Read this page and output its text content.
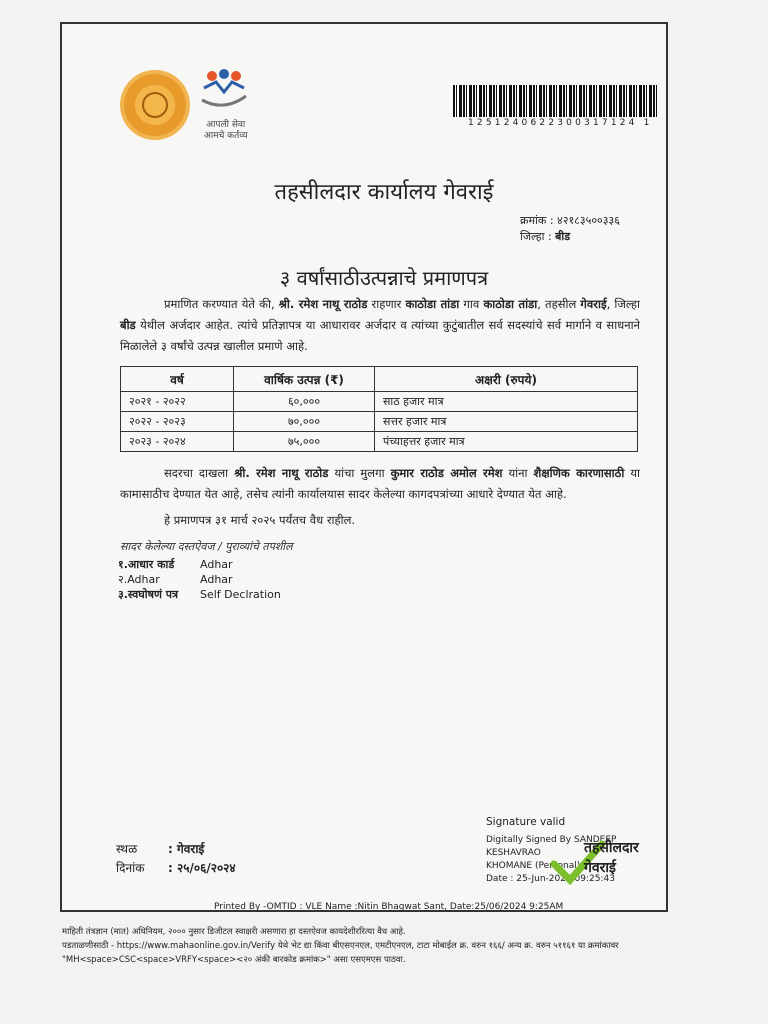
आपली सेवा
आमचे कर्तव्य
1251240622300317124 1
तहसीलदार कार्यालय गेवराई
क्रमांक : ४२१८३५००३३६
जिल्हा : बीड
३ वर्षांसाठीउत्पन्नाचे प्रमाणपत्र
प्रमाणित करण्यात येते की, श्री. रमेश नाथू राठोड राहणार काठोडा तांडा गाव काठोडा तांडा, तहसील गेवराई, जिल्हा बीड येथील अर्जदार आहेत. त्यांचे प्रतिज्ञापत्र या आधारावर अर्जदार व त्यांच्या कुटुंबातील सर्व सदस्यांचे सर्व मार्गाने व साधनाने मिळालेले ३ वर्षांचे उत्पन्न खालील प्रमाणे आहे.
वर्ष	वार्षिक उत्पन्न (₹)	अक्षरी (रुपये)
२०२१ - २०२२	६०,०००	साठ हजार मात्र
२०२२ - २०२३	७०,०००	सत्तर हजार मात्र
२०२३ - २०२४	७५,०००	पंच्याहत्तर हजार मात्र
सदरचा दाखला श्री. रमेश नाथू राठोड यांचा मुलगा कुमार राठोड अमोल रमेश यांना शैक्षणिक कारणासाठी या कामासाठीच देण्यात येत आहे, तसेच त्यांनी कार्यालयास सादर केलेल्या कागदपत्रांच्या आधारे देण्यात येत आहे.
हे प्रमाणपत्र ३१ मार्च २०२५ पर्यंतच वैध राहील.
सादर केलेल्या दस्तऐवज / पुराव्यांचे तपशील
१.आधार कार्ड Adhar
२.Adhar	Adhar
३.स्वघोषणं पत्र Self Declration
Signature valid
Digitally Signed By SANDEEP KESHAVRAO
KHOMANE (Personal)
Date : 25-Jun-2024 09:25:43
तहसीलदार
गेवराई
स्थळ	: गेवराई
दिनांक : २५/०६/२०२४
Printed By -OMTID : VLE Name :Nitin Bhagwat Sant, Date:25/06/2024 9:25AM
माहिती तंत्रज्ञान (मात) अधिनियम, २००० नुसार डिजीटल स्वाक्षरी असणारा हा दस्तऐवज कायदेशीररित्या वैध आहे.
पडताळणीसाठी - https://www.mahaonline.gov.in/Verify येथे भेट द्या किंवा बीएसएनएल, एमटीएनएल, टाटा मोबाईल क्र. वरुन १६६/ अन्य क्र. वरुन ५११६१ या क्रमांकावर
"MH<space>CSC<space>VRFY<space><२० अंकी बारकोड क्रमांक>" असा एसएमएस पाठवा.
